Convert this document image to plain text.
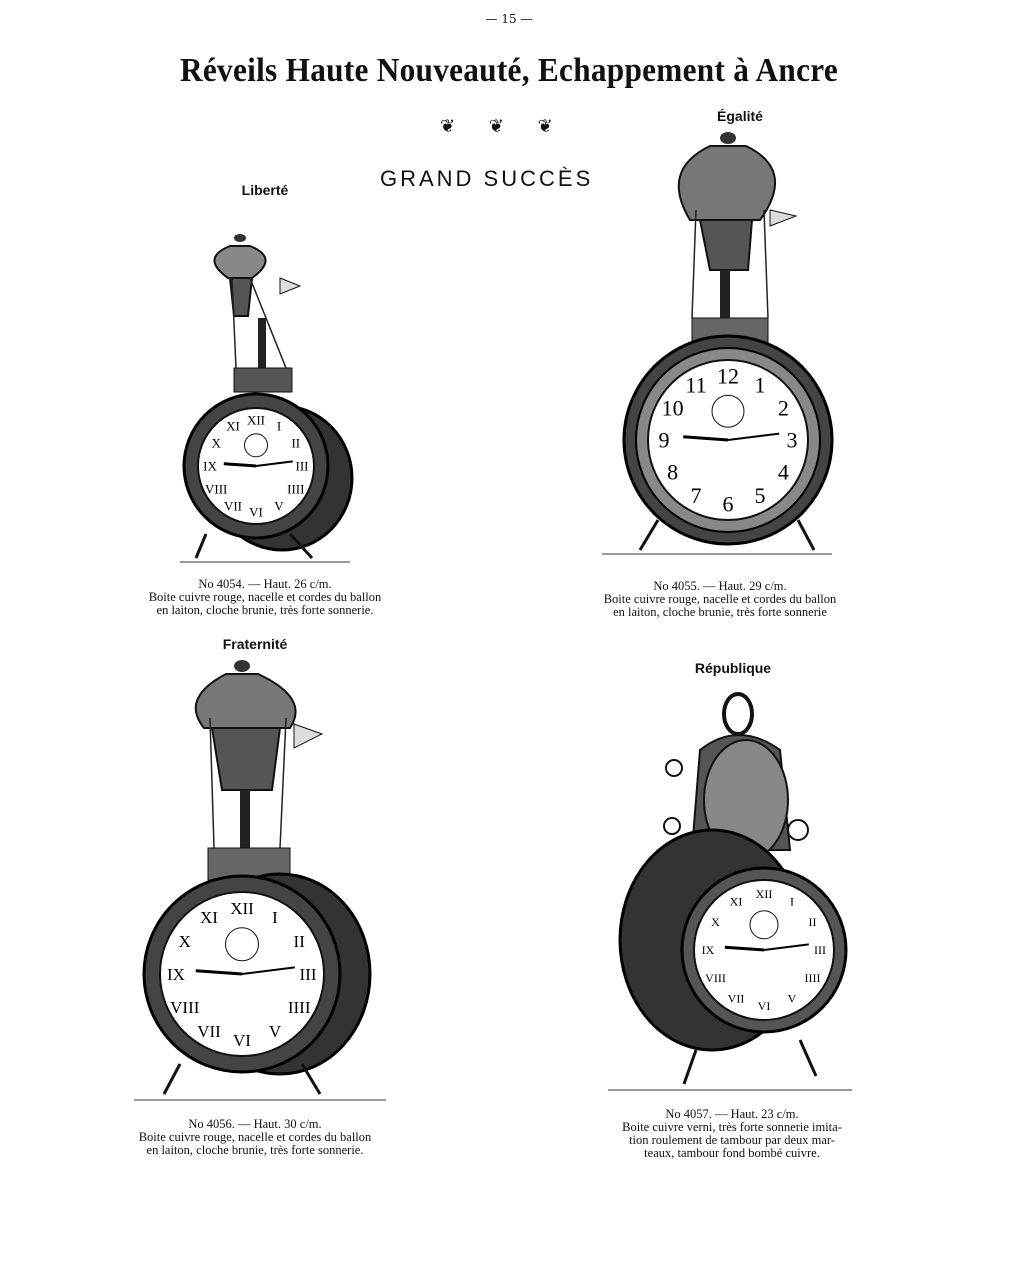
— 15 —
Réveils Haute Nouveauté, Echappement à Ancre
❦ ❦ ❦
GRAND SUCCÈS
Liberté
XII I
II
III
IIII
V
VI
VII
VIII
IX
X
XI
No 4054. — Haut. 26 c/m.
Boite cuivre rouge, nacelle et cordes du ballon
en laiton, cloche brunie, très forte sonnerie.
Égalité
12 1
2
3
4
5
6
7
8
9
10
11
No 4055. — Haut. 29 c/m.
Boite cuivre rouge, nacelle et cordes du ballon
en laiton, cloche brunie, très forte sonnerie
Fraternité
XII I
II
III
IIII
V
VI
VII
VIII
IX
X
XI
No 4056. — Haut. 30 c/m.
Boite cuivre rouge, nacelle et cordes du ballon
en laiton, cloche brunie, très forte sonnerie.
République
XII
I
II
III
IIII
V
VI
VII
VIII
IX
X
XI
No 4057. — Haut. 23 c/m.
Boite cuivre verni, très forte sonnerie imita-
tion roulement de tambour par deux mar-
teaux, tambour fond bombé cuivre.
